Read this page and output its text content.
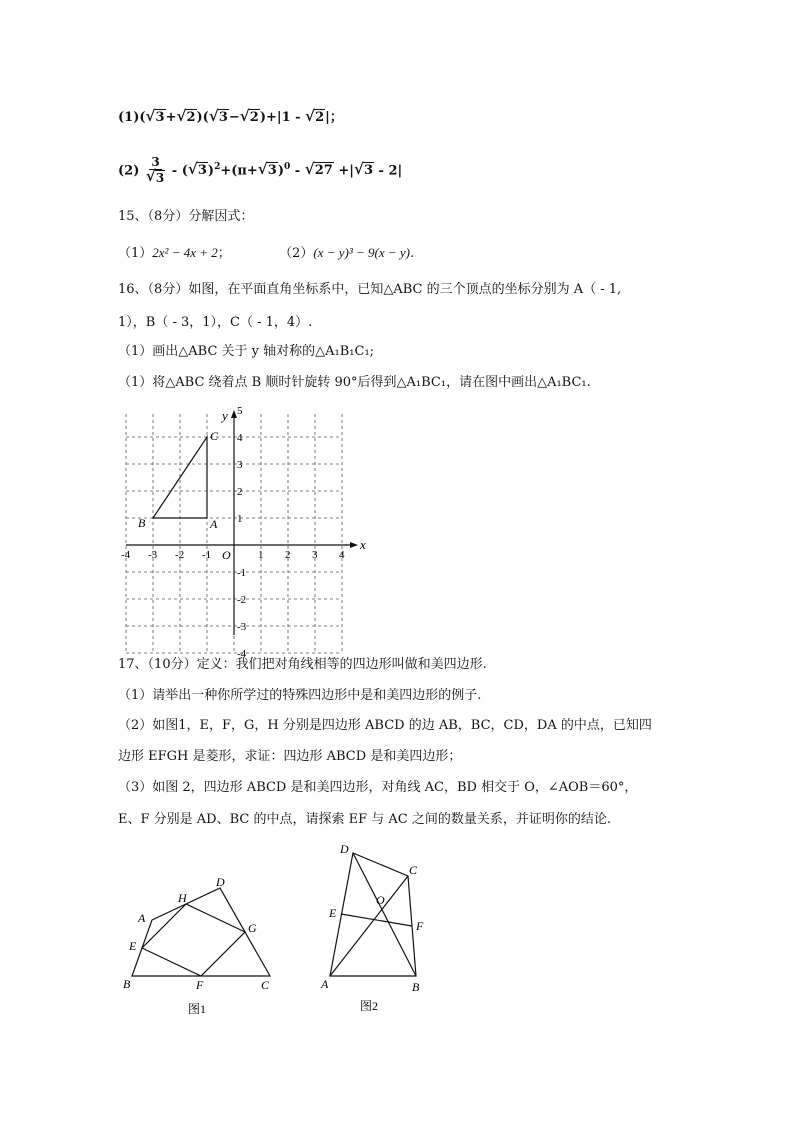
(1)( √ 3+ √ 2)( √ 3− √ 2)+|1 - √ 2|；
(2) 3
√ 3 - ( √ 3)$^2$+(π+ √ 3)$^0$ - √ 27 +| √ 3 - 2|
15、（8分）分解因式：
（1）2x² − 4x + 2；	（2）(x − y)³ − 9(x − y).
16、（8分）如图，在平面直角坐标系中，已知△ABC 的三个顶点的坐标分别为 A（ - 1,
1），B（ - 3，1），C（ - 1，4）.
（1）画出△ABC 关于 y 轴对称的△A₁B₁C₁;
（1）将△ABC 绕着点 B 顺时针旋转 90°后得到△A₁BC₁，请在图中画出△A₁BC₁.
x
y
O
-4 -3 -2 -1	1 2 3 4
5
4
3
2
1
-1
-2
-3
-4
B	A
C
17、（10分）定义：我们把对角线相等的四边形叫做和美四边形.
（1）请举出一种你所学过的特殊四边形中是和美四边形的例子.
（2）如图1，E，F，G，H 分别是四边形 ABCD 的边 AB，BC，CD，DA 的中点，已知四
边形 EFGH 是菱形，求证：四边形 ABCD 是和美四边形；
（3）如图 2，四边形 ABCD 是和美四边形，对角线 AC，BD 相交于 O，∠AOB＝60°，
E、F 分别是 AD、BC 的中点，请探索 EF 与 AC 之间的数量关系，并证明你的结论.
A
B	C
D
E
F
G
H
图1
A	B
C
D
E
F
O
图2
